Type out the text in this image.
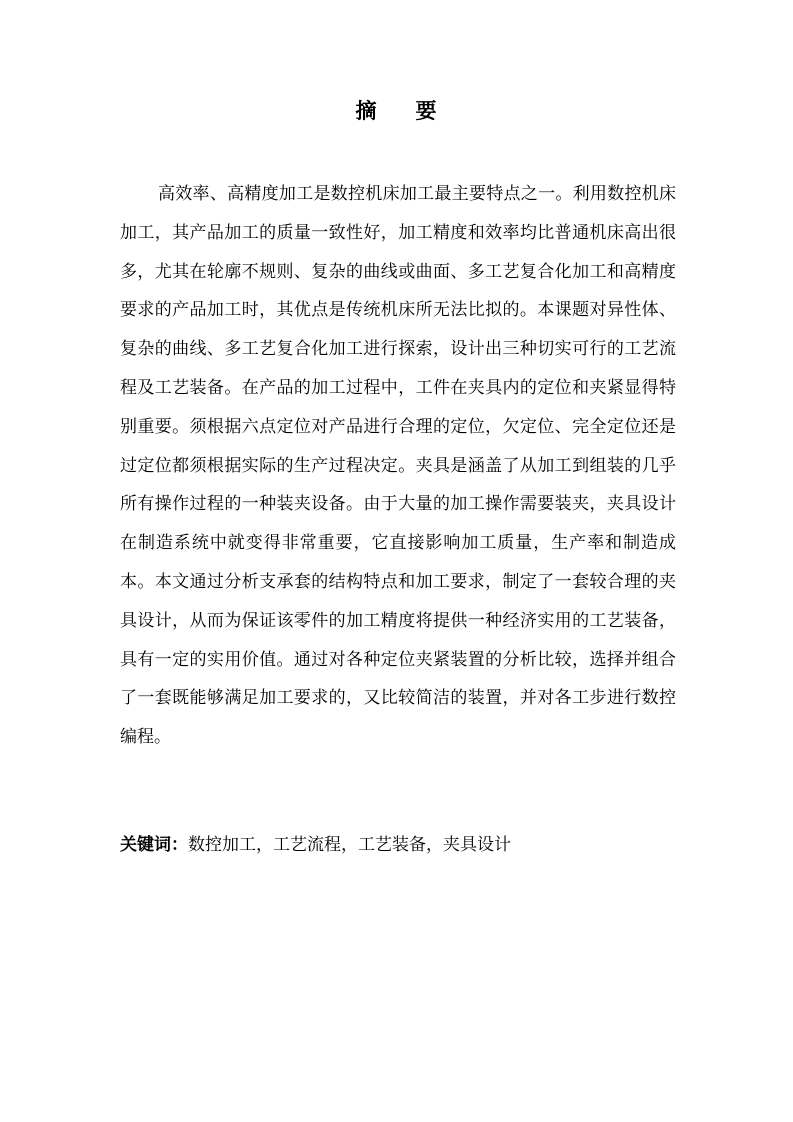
摘 要

高效率、高精度加工是数控机床加工最主要特点之一。利用数控机床加工，其产品加工的质量一致性好，加工精度和效率均比普通机床高出很多，尤其在轮廓不规则、复杂的曲线或曲面、多工艺复合化加工和高精度要求的产品加工时，其优点是传统机床所无法比拟的。本课题对异性体、复杂的曲线、多工艺复合化加工进行探索，设计出三种切实可行的工艺流程及工艺装备。在产品的加工过程中，工件在夹具内的定位和夹紧显得特别重要。须根据六点定位对产品进行合理的定位，欠定位、完全定位还是过定位都须根据实际的生产过程决定。夹具是涵盖了从加工到组装的几乎所有操作过程的一种装夹设备。由于大量的加工操作需要装夹，夹具设计在制造系统中就变得非常重要，它直接影响加工质量，生产率和制造成本。本文通过分析支承套的结构特点和加工要求，制定了一套较合理的夹具设计，从而为保证该零件的加工精度将提供一种经济实用的工艺装备，具有一定的实用价值。通过对各种定位夹紧装置的分析比较，选择并组合了一套既能够满足加工要求的，又比较简洁的装置，并对各工步进行数控编程。

关键词：数控加工，工艺流程，工艺装备，夹具设计
